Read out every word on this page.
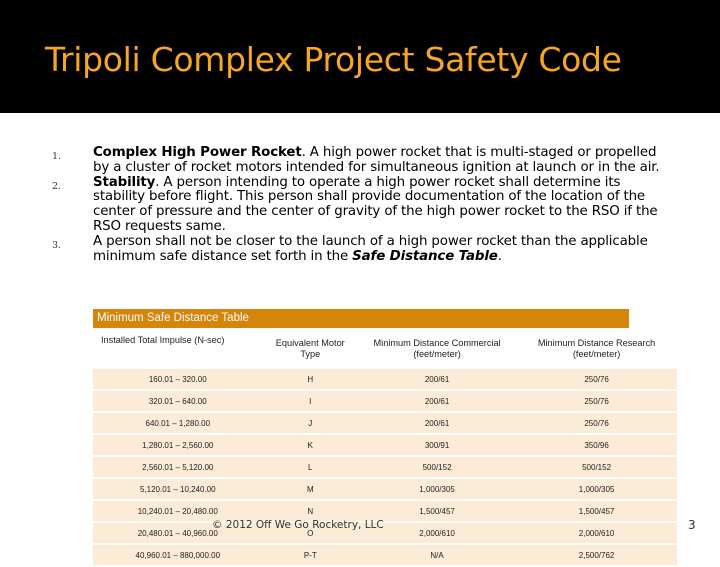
Tripoli Complex Project Safety Code
1. Complex High Power Rocket. A high power rocket that is multi-staged or propelled by a cluster of rocket motors intended for simultaneous ignition at launch or in the air.
2. Stability. A person intending to operate a high power rocket shall determine its stability before flight. This person shall provide documentation of the location of the center of pressure and the center of gravity of the high power rocket to the RSO if the RSO requests same.
3. A person shall not be closer to the launch of a high power rocket than the applicable minimum safe distance set forth in the Safe Distance Table.
Minimum Safe Distance Table
Installed Total Impulse (N-sec)	Equivalent Motor Type	Minimum Distance Commercial (feet/meter)	Minimum Distance Research (feet/meter)
160.01 – 320.00	H	200/61	250/76
320.01 – 640.00	I	200/61	250/76
640.01 – 1,280.00	J	200/61	250/76
1,280.01 – 2,560.00	K	300/91	350/96
2,560.01 – 5,120.00	L	500/152	500/152
5,120.01 – 10,240.00	M	1,000/305	1,000/305
10,240.01 – 20,480.00	N	1,500/457	1,500/457
20,480.01 – 40,960.00	O	2,000/610	2,000/610
40,960.01 – 880,000.00	P-T	N/A	2,500/762
© 2012 Off We Go Rocketry, LLC	3
